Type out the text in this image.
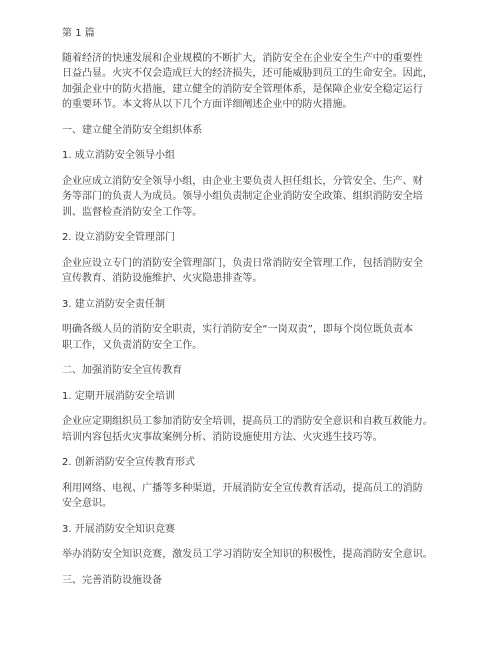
第 1 篇
随着经济的快速发展和企业规模的不断扩大，消防安全在企业安全生产中的重要性
日益凸显。火灾不仅会造成巨大的经济损失，还可能威胁到员工的生命安全。因此，
加强企业中的防火措施，建立健全的消防安全管理体系，是保障企业安全稳定运行
的重要环节。本文将从以下几个方面详细阐述企业中的防火措施。
一、建立健全消防安全组织体系
1. 成立消防安全领导小组
企业应成立消防安全领导小组，由企业主要负责人担任组长，分管安全、生产、财
务等部门的负责人为成员。领导小组负责制定企业消防安全政策、组织消防安全培
训、监督检查消防安全工作等。
2. 设立消防安全管理部门
企业应设立专门的消防安全管理部门，负责日常消防安全管理工作，包括消防安全
宣传教育、消防设施维护、火灾隐患排查等。
3. 建立消防安全责任制
明确各级人员的消防安全职责，实行消防安全“一岗双责”，即每个岗位既负责本
职工作，又负责消防安全工作。
二、加强消防安全宣传教育
1. 定期开展消防安全培训
企业应定期组织员工参加消防安全培训，提高员工的消防安全意识和自救互救能力。
培训内容包括火灾事故案例分析、消防设施使用方法、火灾逃生技巧等。
2. 创新消防安全宣传教育形式
利用网络、电视、广播等多种渠道，开展消防安全宣传教育活动，提高员工的消防
安全意识。
3. 开展消防安全知识竞赛
举办消防安全知识竞赛，激发员工学习消防安全知识的积极性，提高消防安全意识。
三、完善消防设施设备
